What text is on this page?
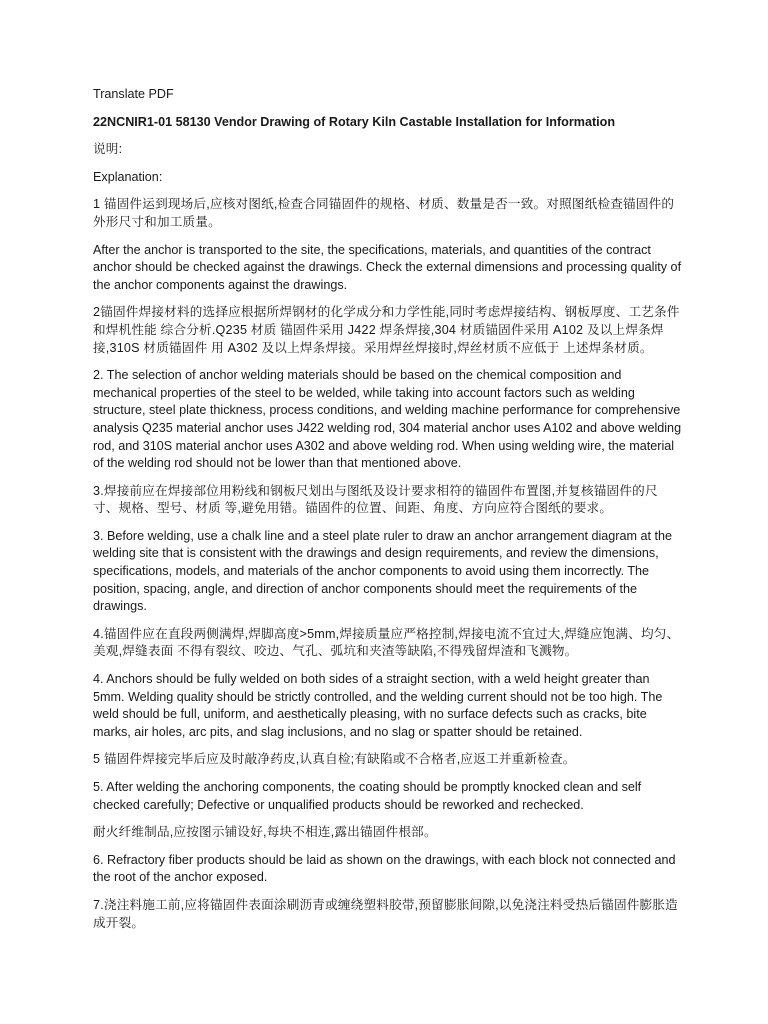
Translate PDF

22NCNIR1-01 58130 Vendor Drawing of Rotary Kiln Castable Installation for Information

说明:

Explanation:

1 锚固件运到现场后,应核对图纸,检查合同锚固件的规格、材质、数量是否一致。对照图纸检查锚固件的外形尺寸和加工质量。

After the anchor is transported to the site, the specifications, materials, and quantities of the contract anchor should be checked against the drawings. Check the external dimensions and processing quality of the anchor components against the drawings.

2锚固件焊接材料的选择应根据所焊钢材的化学成分和力学性能,同时考虑焊接结构、钢板厚度、工艺条件和焊机性能 综合分析.Q235 材质 锚固件采用 J422 焊条焊接,304 材质锚固件采用 A102 及以上焊条焊接,310S 材质锚固件 用 A302 及以上焊条焊接。采用焊丝焊接时,焊丝材质不应低于 上述焊条材质。

2. The selection of anchor welding materials should be based on the chemical composition and mechanical properties of the steel to be welded, while taking into account factors such as welding structure, steel plate thickness, process conditions, and welding machine performance for comprehensive analysis Q235 material anchor uses J422 welding rod, 304 material anchor uses A102 and above welding rod, and 310S material anchor uses A302 and above welding rod. When using welding wire, the material of the welding rod should not be lower than that mentioned above.

3.焊接前应在焊接部位用粉线和钢板尺划出与图纸及设计要求相符的锚固件布置图,并复核锚固件的尺寸、规格、型号、材质 等,避免用错。锚固件的位置、间距、角度、方向应符合图纸的要求。

3. Before welding, use a chalk line and a steel plate ruler to draw an anchor arrangement diagram at the welding site that is consistent with the drawings and design requirements, and review the dimensions, specifications, models, and materials of the anchor components to avoid using them incorrectly. The position, spacing, angle, and direction of anchor components should meet the requirements of the drawings.

4.锚固件应在直段两侧满焊,焊脚高度>5mm,焊接质量应严格控制,焊接电流不宜过大,焊缝应饱满、均匀、美观,焊缝表面 不得有裂纹、咬边、气孔、弧坑和夹渣等缺陷,不得残留焊渣和飞溅物。

4. Anchors should be fully welded on both sides of a straight section, with a weld height greater than 5mm. Welding quality should be strictly controlled, and the welding current should not be too high. The weld should be full, uniform, and aesthetically pleasing, with no surface defects such as cracks, bite marks, air holes, arc pits, and slag inclusions, and no slag or spatter should be retained.

5 锚固件焊接完毕后应及时敲净药皮,认真自检;有缺陷或不合格者,应返工并重新检查。

5. After welding the anchoring components, the coating should be promptly knocked clean and self checked carefully; Defective or unqualified products should be reworked and rechecked.

耐火纤维制品,应按图示铺设好,每块不相连,露出锚固件根部。

6. Refractory fiber products should be laid as shown on the drawings, with each block not connected and the root of the anchor exposed.

7.浇注料施工前,应将锚固件表面涂刷沥青或缠绕塑料胶带,预留膨胀间隙,以免浇注料受热后锚固件膨胀造成开裂。
